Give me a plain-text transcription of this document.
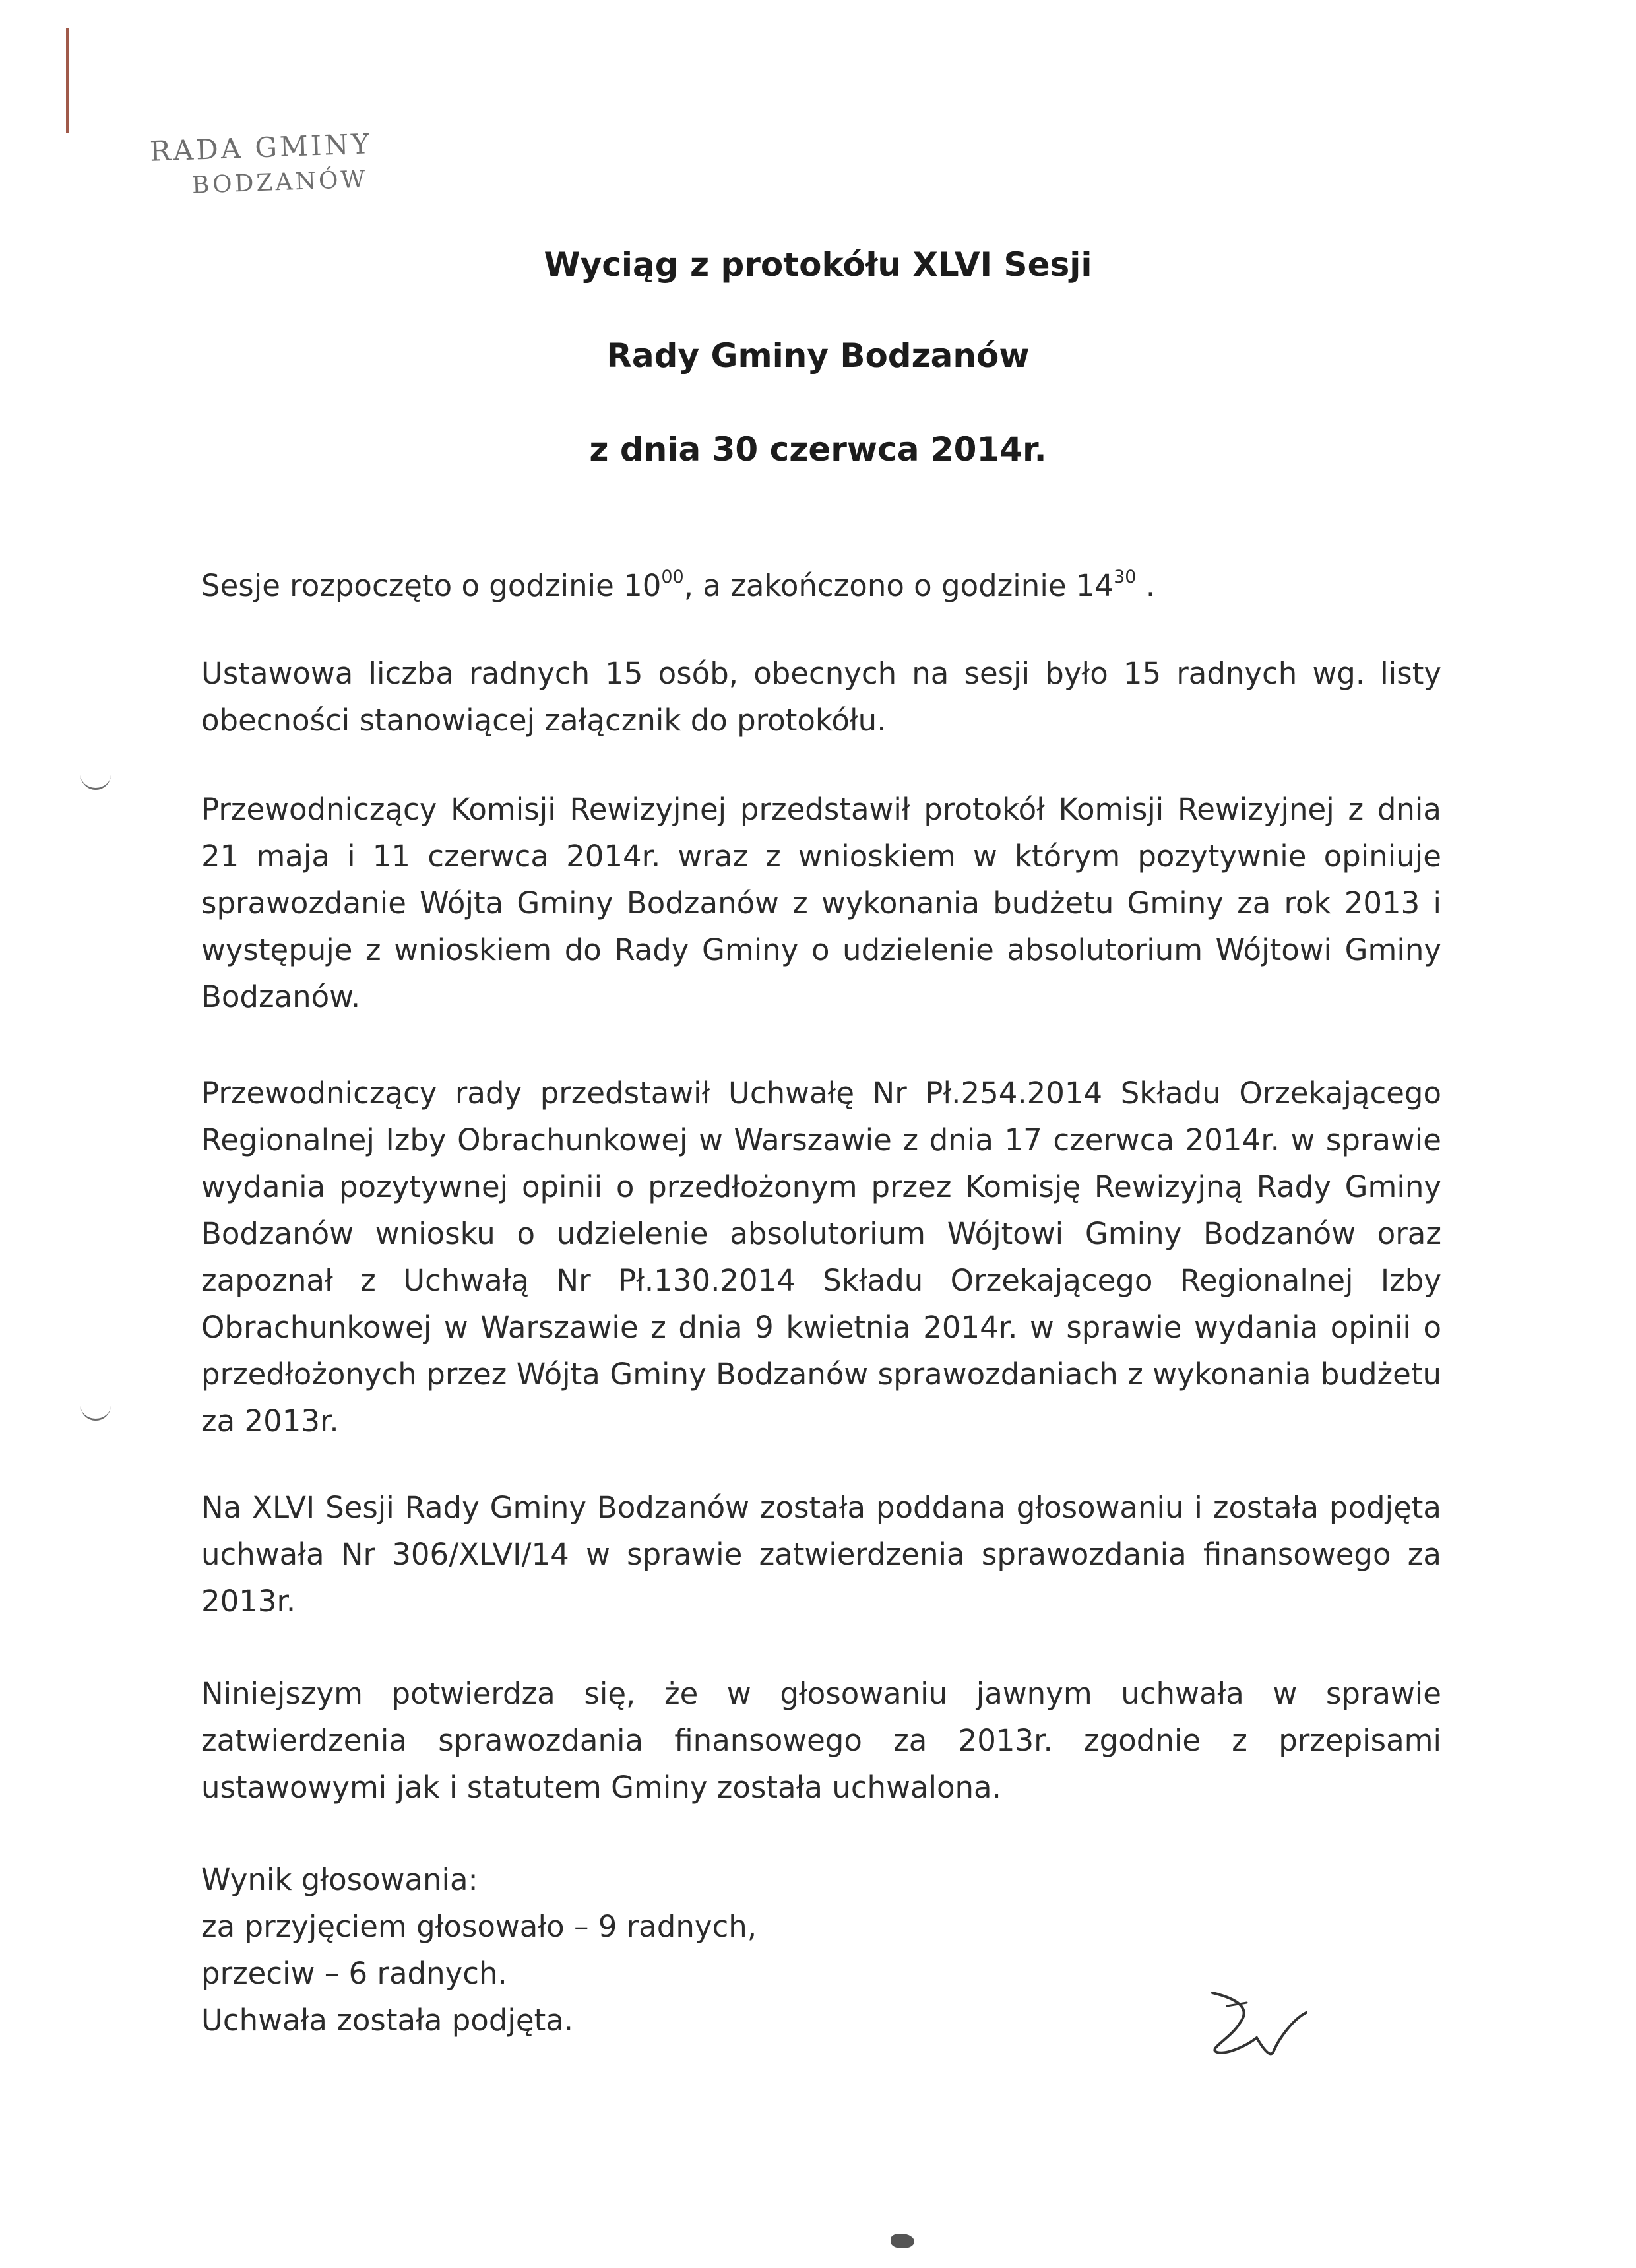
RADA GMINY
BODZANÓW
Wyciąg z protokółu XLVI Sesji
Rady Gminy Bodzanów
z dnia 30 czerwca 2014r.
Sesje rozpoczęto o godzinie $10^{00}$, a zakończono o godzinie $14^{30}$ .
Ustawowa liczba radnych 15 osób, obecnych na sesji było 15 radnych wg. listy obecności stanowiącej załącznik do protokółu.
Przewodniczący Komisji Rewizyjnej przedstawił protokół Komisji Rewizyjnej z dnia 21 maja i 11 czerwca 2014r. wraz z wnioskiem w którym pozytywnie opiniuje sprawozdanie Wójta Gminy Bodzanów z wykonania budżetu Gminy za rok 2013 i występuje z wnioskiem do Rady Gminy o udzielenie absolutorium Wójtowi Gminy Bodzanów.
Przewodniczący rady przedstawił Uchwałę Nr Pł.254.2014 Składu Orzekającego Regionalnej Izby Obrachunkowej w Warszawie z dnia 17 czerwca 2014r. w sprawie wydania pozytywnej opinii o przedłożonym przez Komisję Rewizyjną Rady Gminy Bodzanów wniosku o udzielenie absolutorium Wójtowi Gminy Bodzanów oraz zapoznał z Uchwałą Nr Pł.130.2014 Składu Orzekającego Regionalnej Izby Obrachunkowej w Warszawie z dnia 9 kwietnia 2014r. w sprawie wydania opinii o przedłożonych przez Wójta Gminy Bodzanów sprawozdaniach z wykonania budżetu za 2013r.
Na XLVI Sesji Rady Gminy Bodzanów została poddana głosowaniu i została podjęta uchwała Nr 306/XLVI/14 w sprawie zatwierdzenia sprawozdania finansowego za 2013r.
Niniejszym potwierdza się, że w głosowaniu jawnym uchwała w sprawie zatwierdzenia sprawozdania finansowego za 2013r. zgodnie z przepisami ustawowymi jak i statutem Gminy została uchwalona.
Wynik głosowania:
za przyjęciem głosowało – 9 radnych,
przeciw – 6 radnych.
Uchwała została podjęta.
